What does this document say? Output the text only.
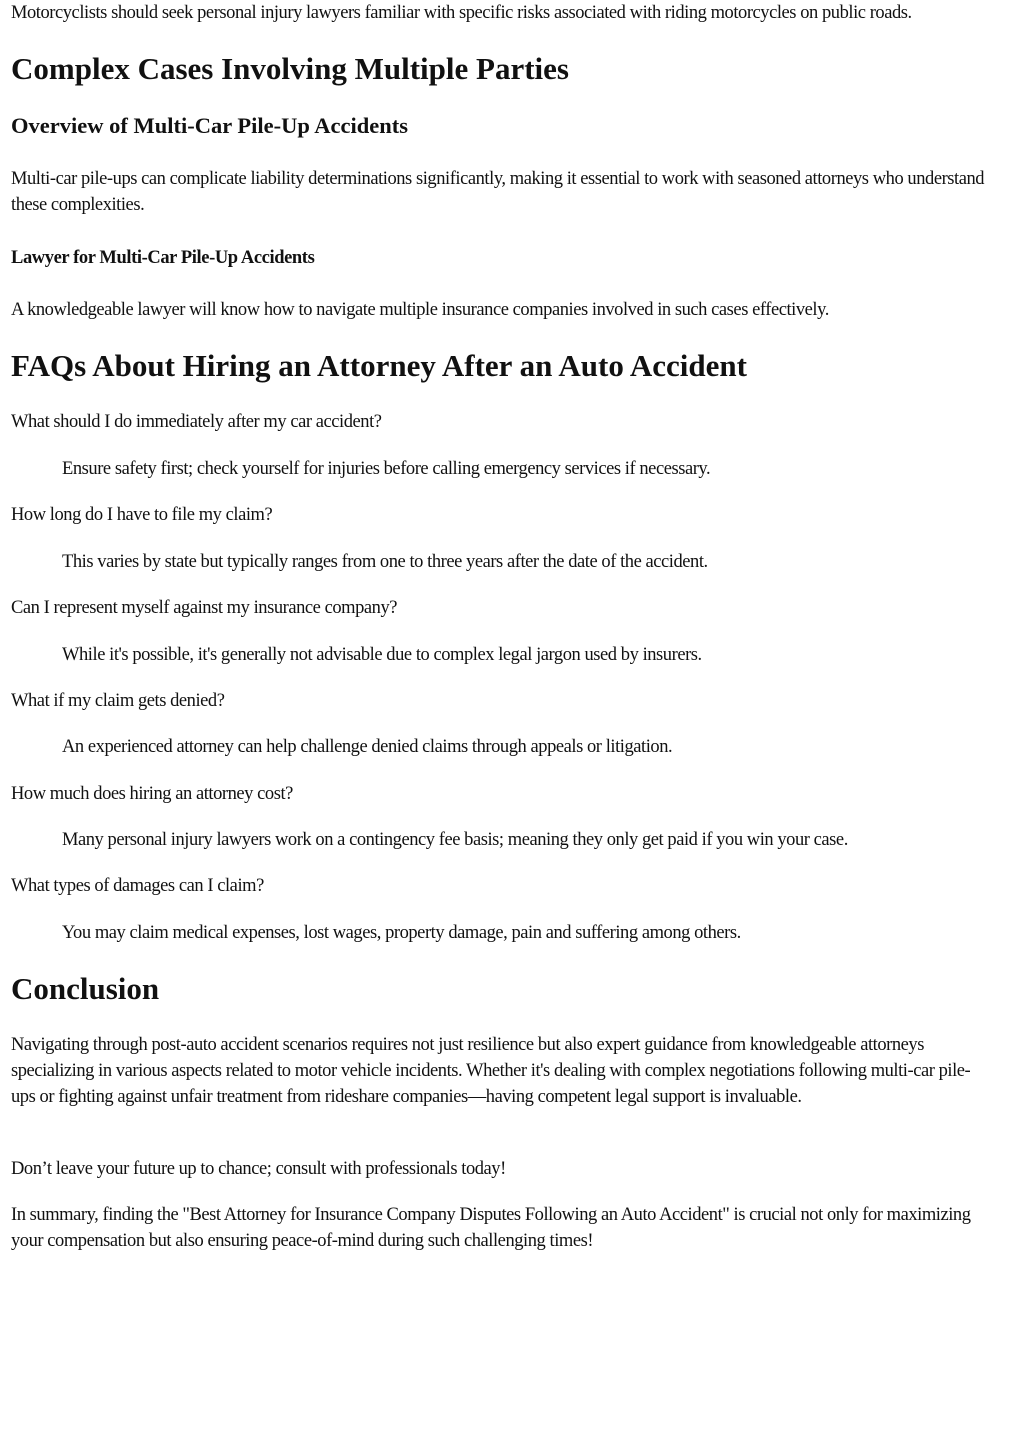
Motorcyclists should seek personal injury lawyers familiar with specific risks associated with riding motorcycles on public roads.

Complex Cases Involving Multiple Parties
Overview of Multi-Car Pile-Up Accidents

Multi-car pile-ups can complicate liability determinations significantly, making it essential to work with seasoned attorneys who understand these complexities.

Lawyer for Multi-Car Pile-Up Accidents

A knowledgeable lawyer will know how to navigate multiple insurance companies involved in such cases effectively.

FAQs About Hiring an Attorney After an Auto Accident
What should I do immediately after my car accident?
Ensure safety first; check yourself for injuries before calling emergency services if necessary.
How long do I have to file my claim?
This varies by state but typically ranges from one to three years after the date of the accident.
Can I represent myself against my insurance company?
While it's possible, it's generally not advisable due to complex legal jargon used by insurers.
What if my claim gets denied?
An experienced attorney can help challenge denied claims through appeals or litigation.
How much does hiring an attorney cost?
Many personal injury lawyers work on a contingency fee basis; meaning they only get paid if you win your case.
What types of damages can I claim?
You may claim medical expenses, lost wages, property damage, pain and suffering among others.
Conclusion

Navigating through post-auto accident scenarios requires not just resilience but also expert guidance from knowledgeable attorneys specializing in various aspects related to motor vehicle incidents. Whether it's dealing with complex negotiations following multi-car pile-ups or fighting against unfair treatment from rideshare companies—having competent legal support is invaluable.

Don’t leave your future up to chance; consult with professionals today!

In summary, finding the "Best Attorney for Insurance Company Disputes Following an Auto Accident" is crucial not only for maximizing your compensation but also ensuring peace-of-mind during such challenging times!
